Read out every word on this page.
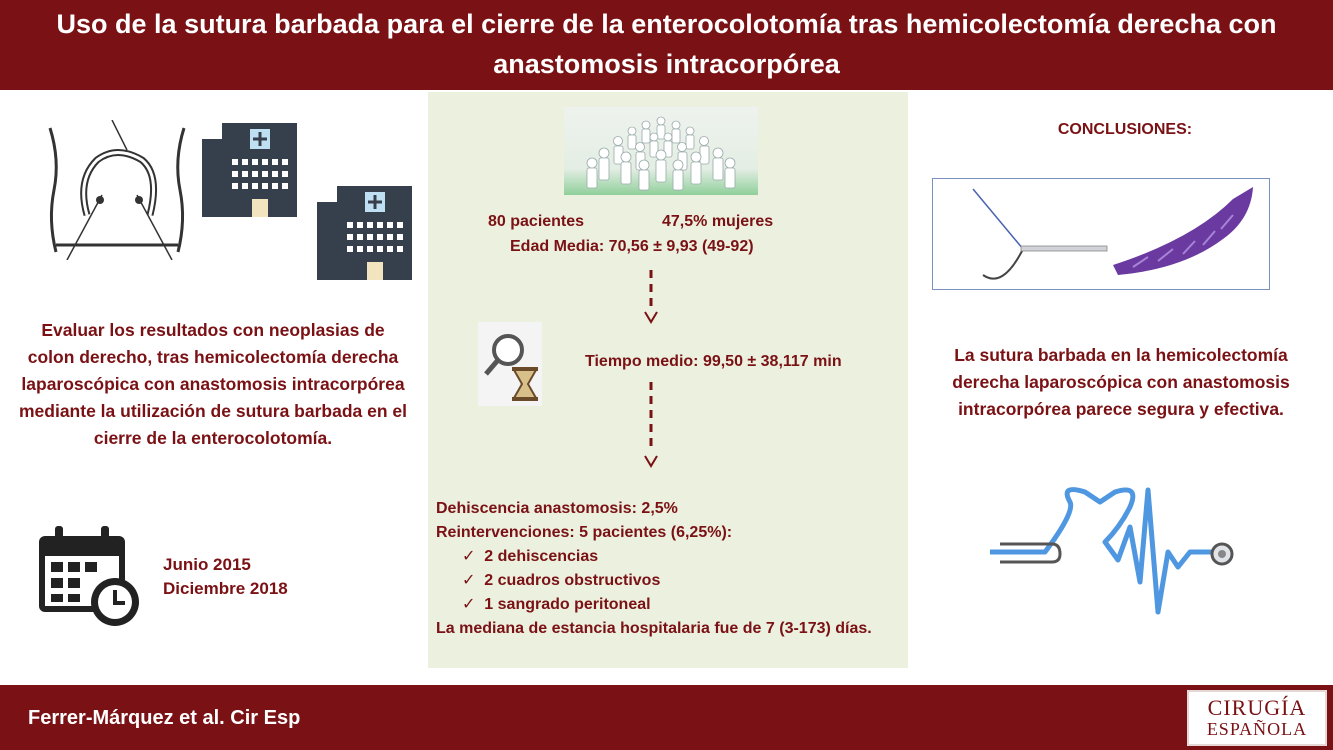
Uso de la sutura barbada para el cierre de la enterocolotomía tras hemicolectomía derecha con
anastomosis intracorpórea
Evaluar los resultados con neoplasias de colon derecho, tras hemicolectomía derecha laparoscópica con anastomosis intracorpórea mediante la utilización de sutura barbada en el cierre de la enterocolotomía.
Junio 2015
Diciembre 2018
80 pacientes	47,5% mujeres
Edad Media: 70,56 ± 9,93 (49-92)
Tiempo medio: 99,50 ± 38,117 min
Dehiscencia anastomosis: 2,5%
Reintervenciones: 5 pacientes (6,25%):
✓  2 dehiscencias
✓  2 cuadros obstructivos
✓  1 sangrado peritoneal
La mediana de estancia hospitalaria fue de 7 (3-173) días.
CONCLUSIONES:
La sutura barbada en la hemicolectomía derecha laparoscópica con anastomosis intracorpórea parece segura y efectiva.
Ferrer-Márquez et al. Cir Esp	CIRUGÍA
ESPAÑOLA
